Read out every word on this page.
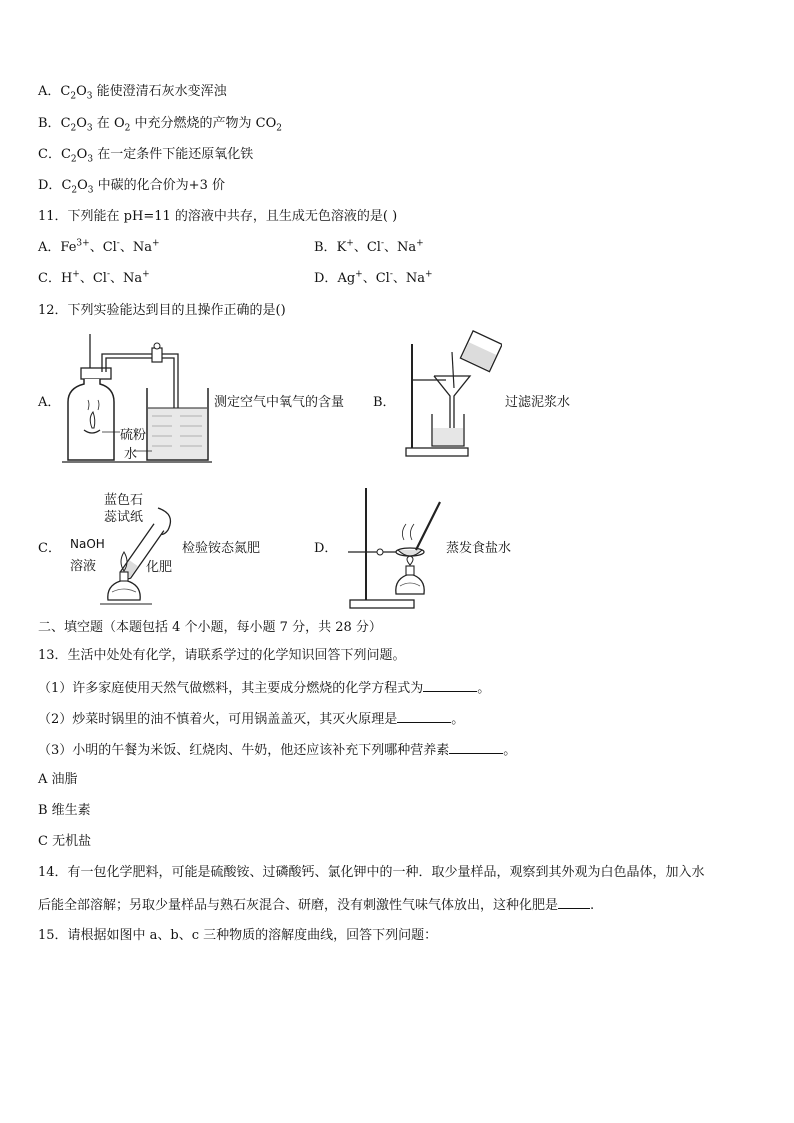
A．$C_2O_3$ 能使澄清石灰水变浑浊
B．$C_2O_3$ 在 $O_2$ 中充分燃烧的产物为 $CO_2$
C．$C_2O_3$ 在一定条件下能还原氧化铁
D．$C_2O_3$ 中碳的化合价为+3 价
11．下列能在 pH=11 的溶液中共存，且生成无色溶液的是( )
A．$Fe^{3+}$、Cl-、Na+	B．K+、Cl-、Na+
C．H+、Cl-、Na+	D．Ag+、Cl-、Na+
12．下列实验能达到目的且操作正确的是()
A．
硫粉
水
测定空气中氧气的含量 B．	过滤泥浆水
C．
蓝色石
蕊试纸
NaOH
溶液	化肥
检验铵态氮肥	D．	蒸发食盐水
二、填空题（本题包括 4 个小题，每小题 7 分，共 28 分）
13．生活中处处有化学，请联系学过的化学知识回答下列问题。
（1）许多家庭使用天然气做燃料，其主要成分燃烧的化学方程式为	。
（2）炒菜时锅里的油不慎着火，可用锅盖盖灭，其灭火原理是	。
（3）小明的午餐为米饭、红烧肉、牛奶，他还应该补充下列哪种营养素	。
A 油脂
B 维生素
C 无机盐
14．有一包化学肥料，可能是硫酸铵、过磷酸钙、氯化钾中的一种．取少量样品，观察到其外观为白色晶体，加入水
后能全部溶解；另取少量样品与熟石灰混合、研磨，没有刺激性气味气体放出，这种化肥是 .
15．请根据如图中 a、b、c 三种物质的溶解度曲线，回答下列问题：
